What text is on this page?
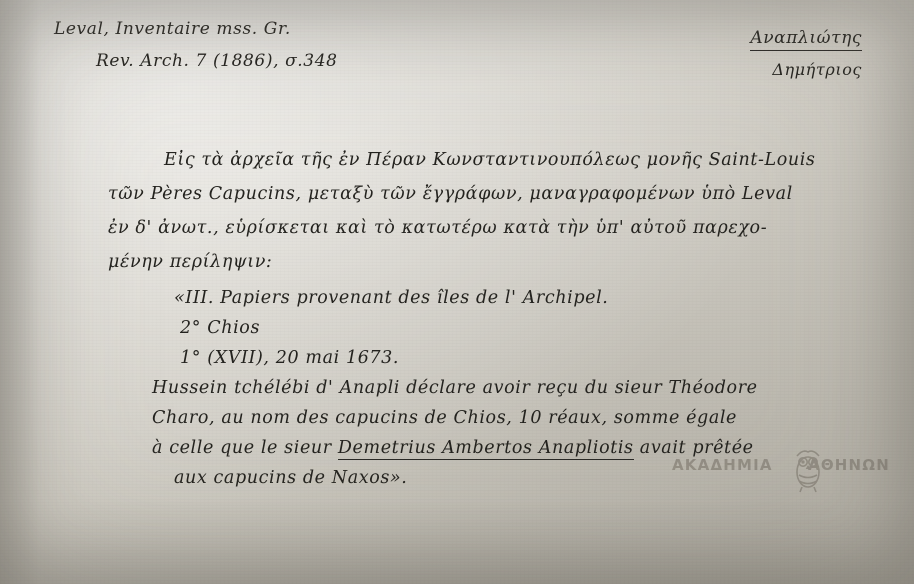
Leval, Inventaire mss. Gr.
Rev. Arch. 7 (1886), σ.348
Αναπλιώτης
Δημήτριος
Εἰς τὰ ἀρχεῖα τῆς ἐν Πέραν Κωνσταντινουπόλεως μονῆς Saint-Louis
τῶν Pères Capucins, μεταξὺ τῶν ἔγγράφων, μαναγραφομένων ὑπὸ Leval
ἐν δ' ἀνωτ., εὑρίσκεται καὶ τὸ κατωτέρω κατὰ τὴν ὑπ' αὐτοῦ παρεχο-
μένην περίληψιν:
«III. Papiers provenant des îles de l' Archipel.
2° Chios
1° (XVII), 20 mai 1673.
Hussein tchélébi d' Anapli déclare avoir reçu du sieur Théodore
Charo, au nom des capucins de Chios, 10 réaux, somme égale
à celle que le sieur Demetrius Ambertos Anapliotis avait prêtée
aux capucins de Naxos».
ΑΚΑΔΗΜΙΑ ΑΘΗΝΩΝ
